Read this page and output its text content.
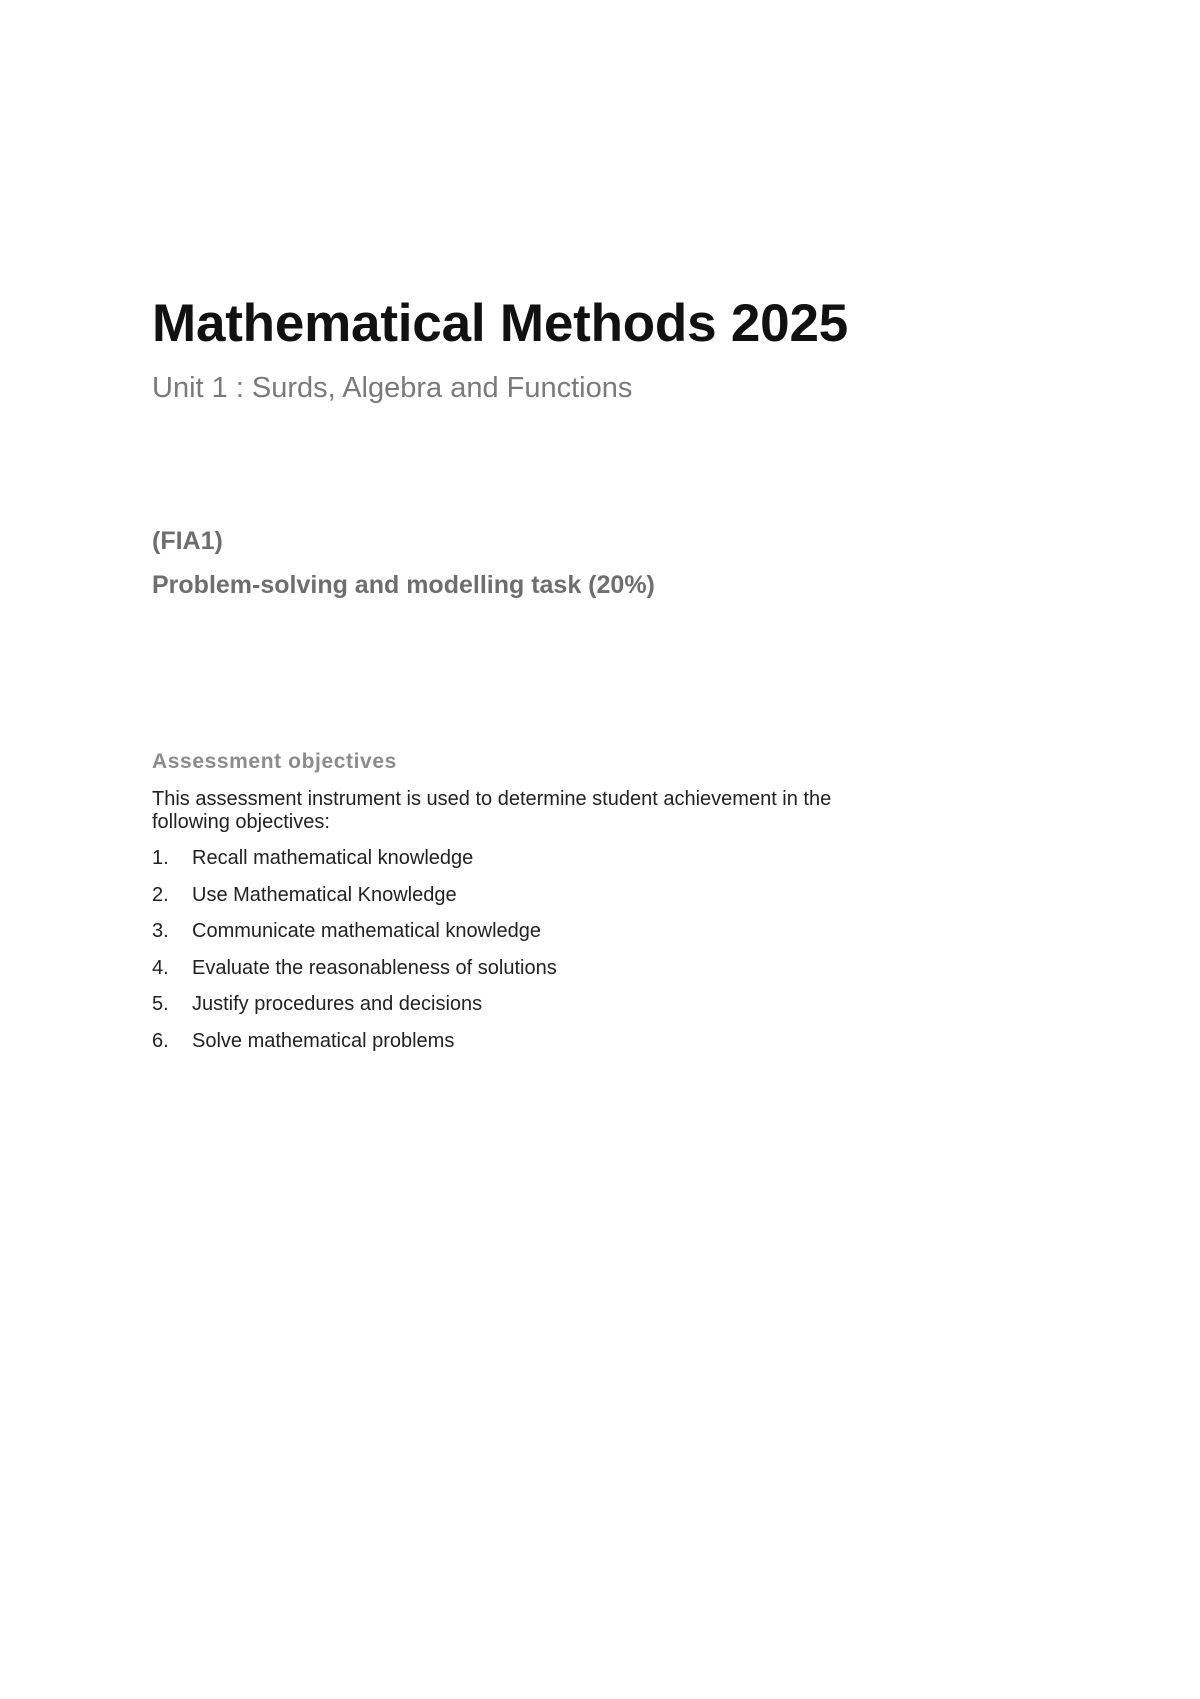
Mathematical Methods 2025
Unit 1 : Surds, Algebra and Functions
(FIA1)
Problem-solving and modelling task (20%)
Assessment objectives

This assessment instrument is used to determine student achievement in the following objectives:

1.	Recall mathematical knowledge
2.	Use Mathematical Knowledge
3.	Communicate mathematical knowledge
4.	Evaluate the reasonableness of solutions
5.	Justify procedures and decisions
6.	Solve mathematical problems
